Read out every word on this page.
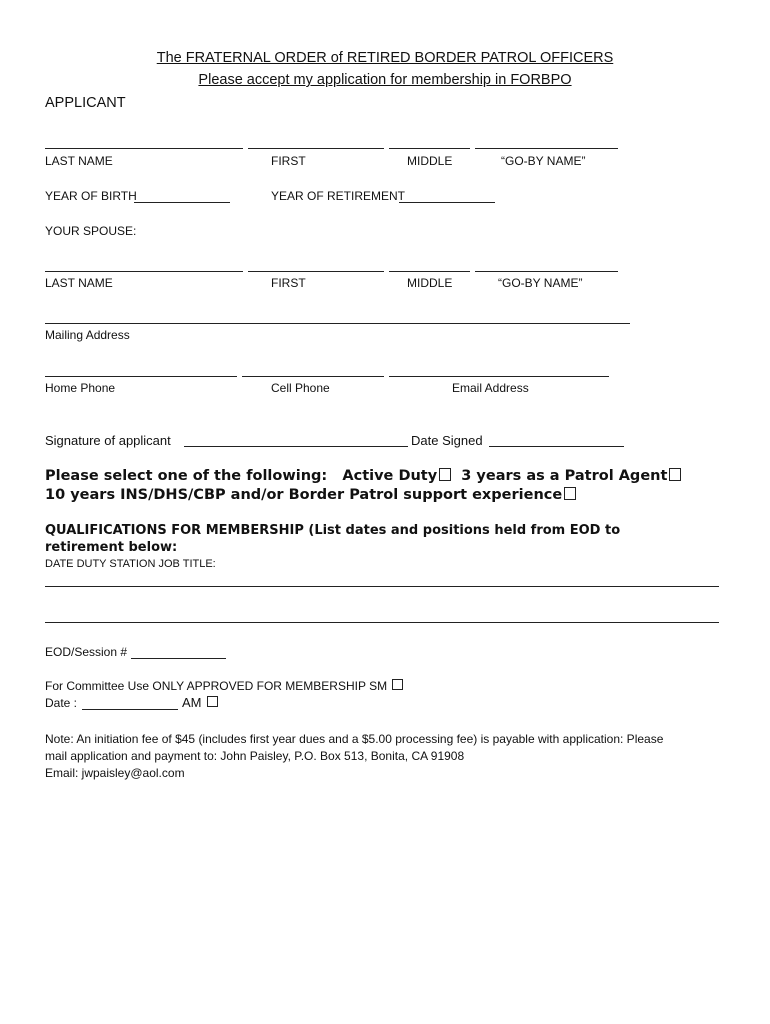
The FRATERNAL ORDER of RETIRED BORDER PATROL OFFICERS
Please accept my application for membership in FORBPO
APPLICANT
LAST NAME	FIRST	MIDDLE	“GO-BY NAME”
YEAR OF BIRTH	YEAR OF RETIREMENT
YOUR SPOUSE:
LAST NAME	FIRST	MIDDLE	“GO-BY NAME”
Mailing Address
Home Phone	Cell Phone	Email Address
Signature of applicant	Date Signed
Please select one of the following: Active Duty 3 years as a Patrol Agent
10 years INS/DHS/CBP and/or Border Patrol support experience
QUALIFICATIONS FOR MEMBERSHIP (List dates and positions held from EOD to
retirement below:
DATE DUTY STATION JOB TITLE:
EOD/Session #
For Committee Use ONLY APPROVED FOR MEMBERSHIP SM
Date :	AM
Note: An initiation fee of $45 (includes first year dues and a $5.00 processing fee) is payable with application: Please
mail application and payment to: John Paisley, P.O. Box 513, Bonita, CA 91908
Email: jwpaisley@aol.com
